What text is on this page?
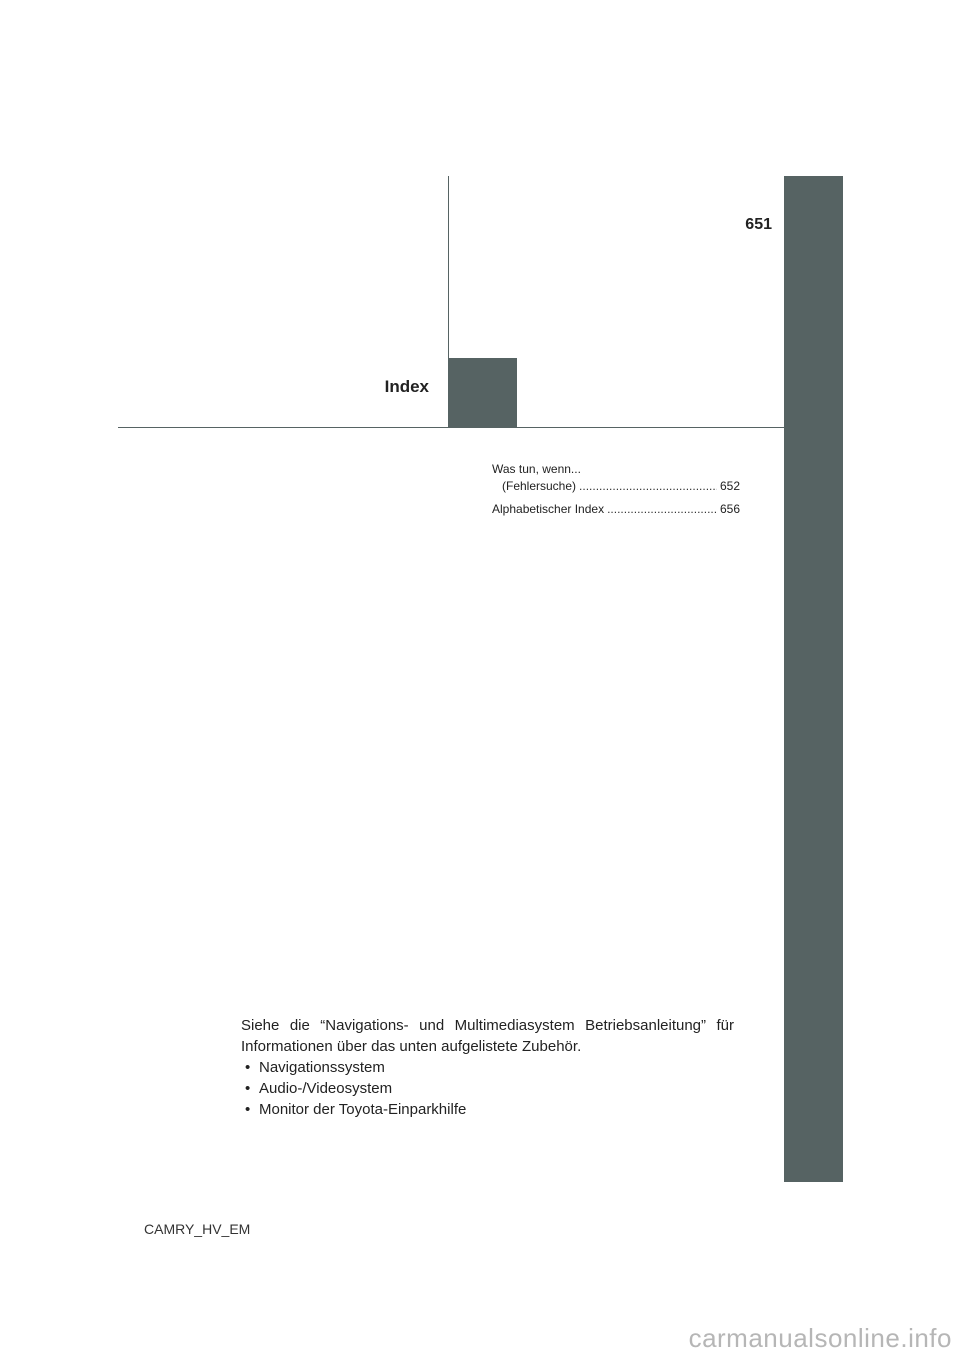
651
Index
Was tun, wenn...
(Fehlersuche) .....	652
Alphabetischer Index .....	656

Siehe die “Navigations- und Multimediasystem Betriebsanleitung” für Informationen über das unten aufgelistete Zubehör.

• Navigationssystem
• Audio-/Videosystem
• Monitor der Toyota-Einparkhilfe
CAMRY_HV_EM
carmanualsonline.info
